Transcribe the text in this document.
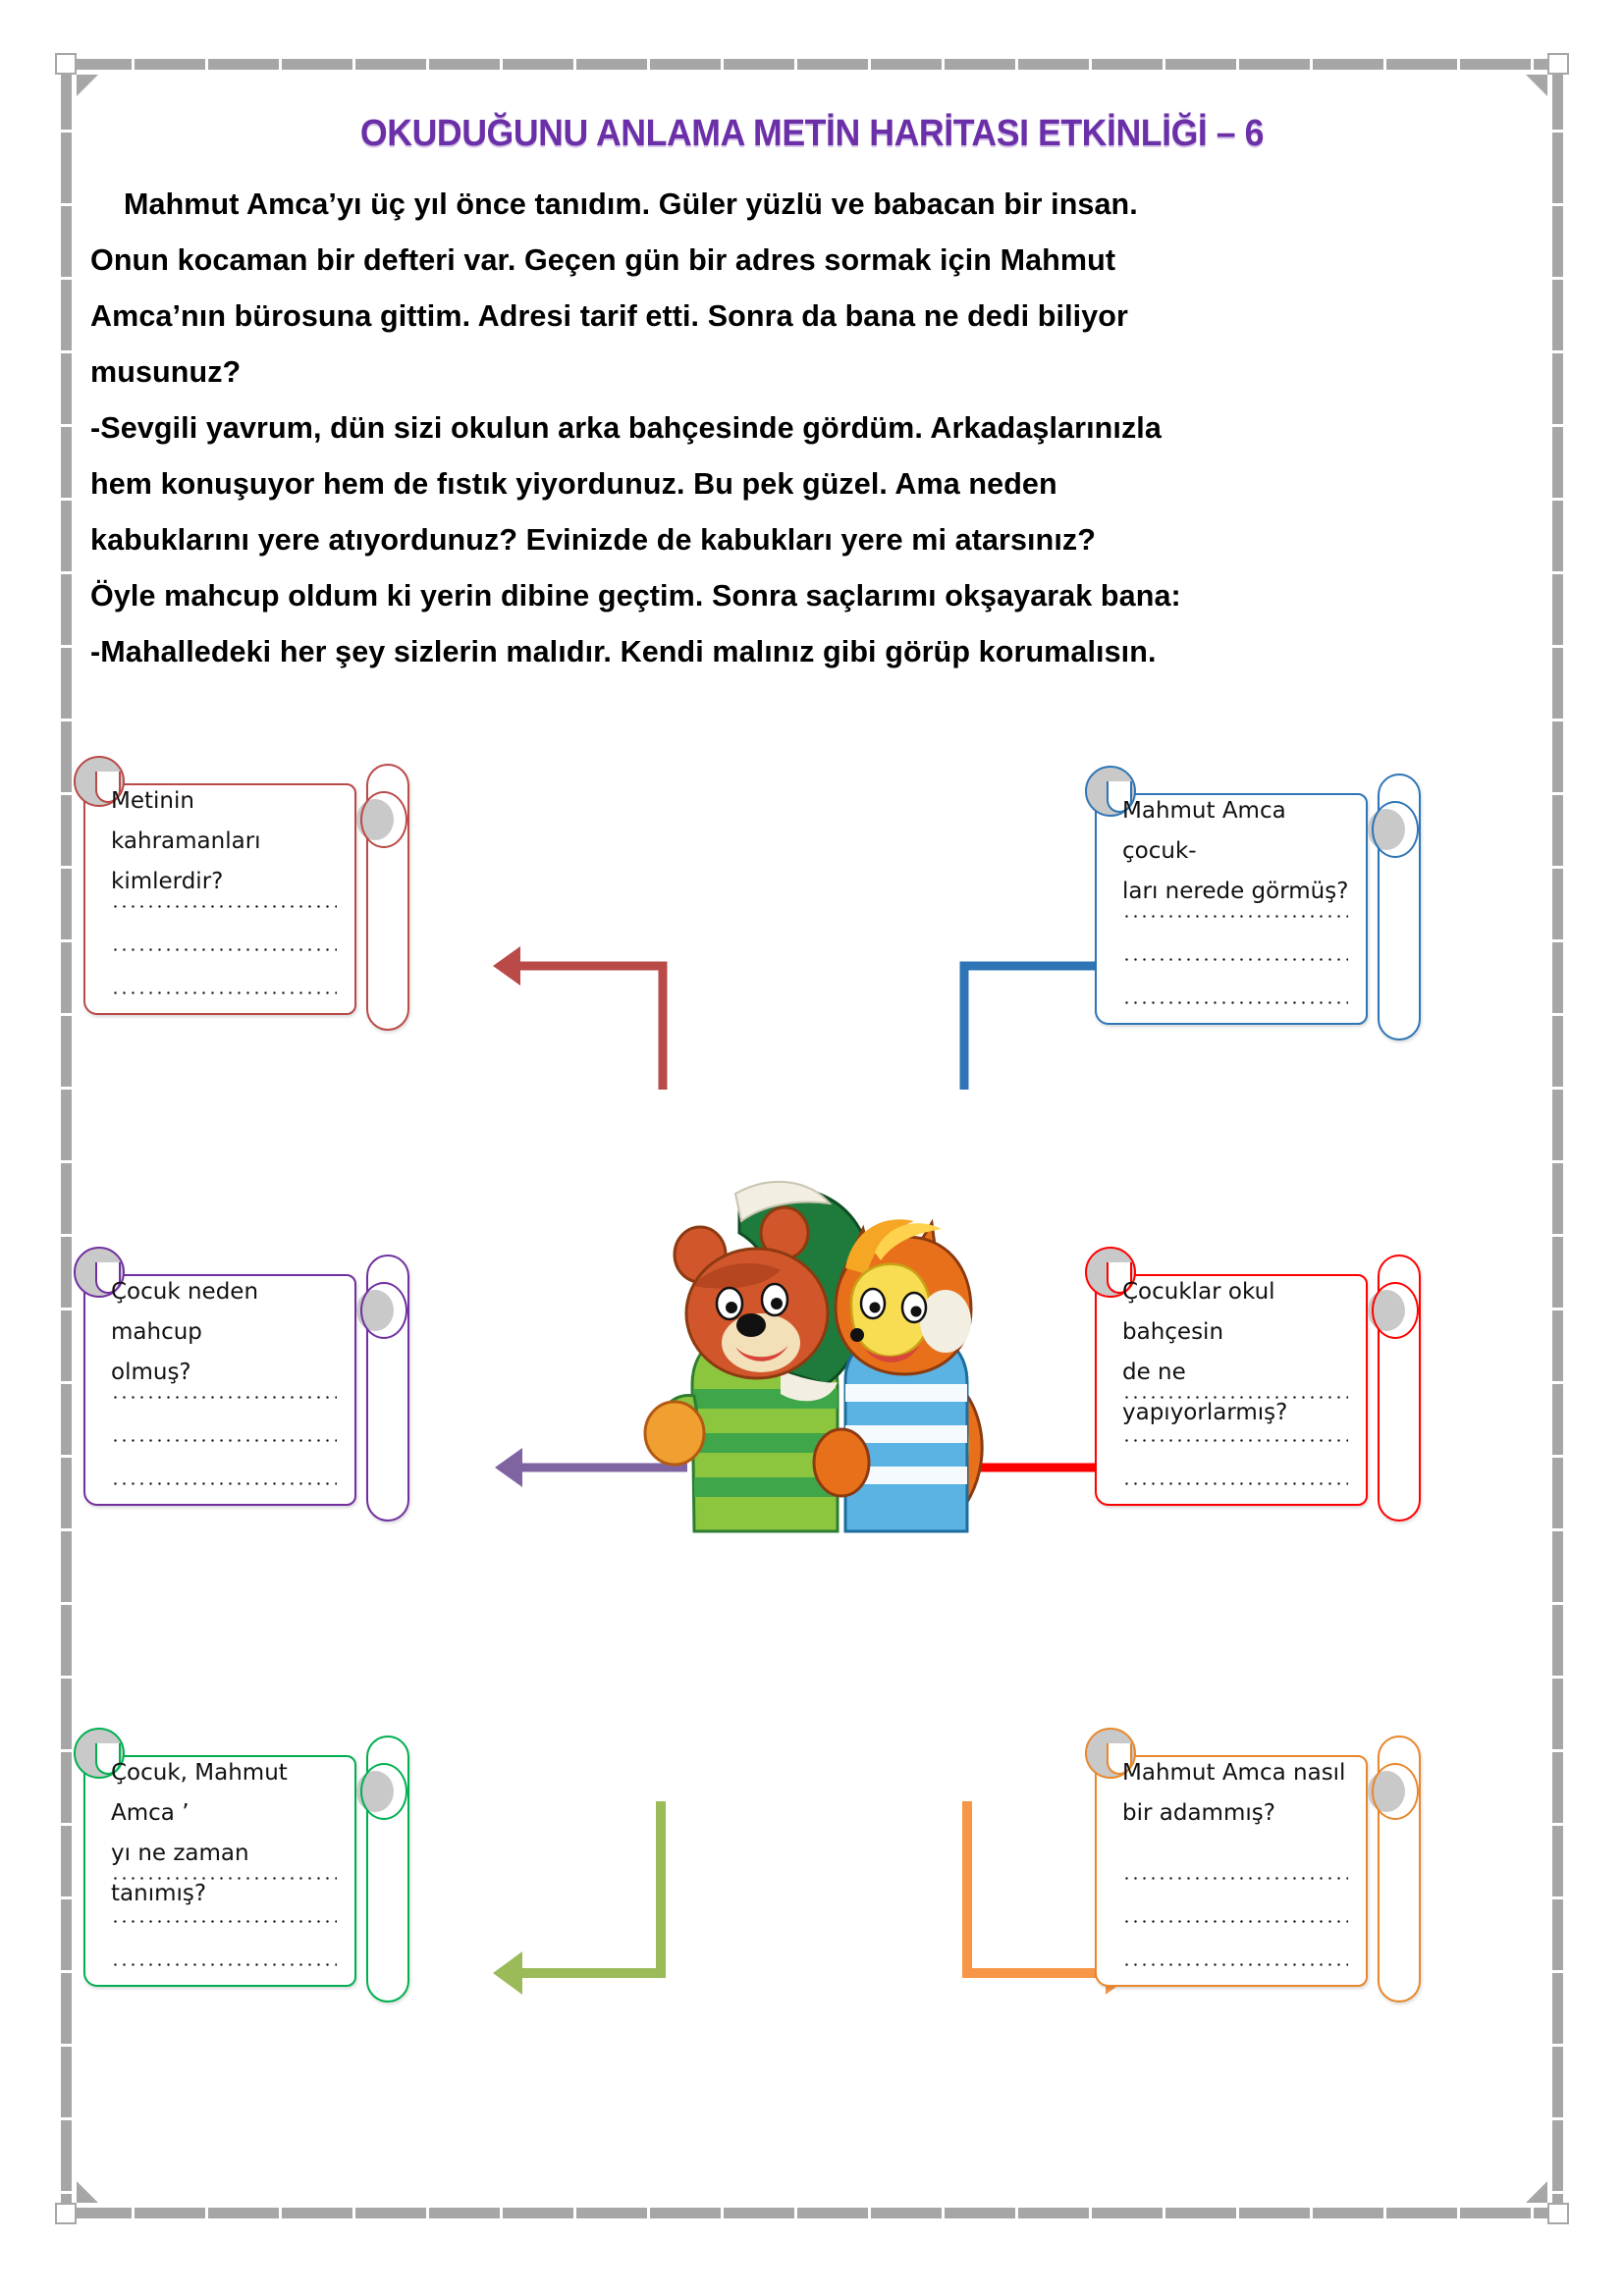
OKUDUĞUNU ANLAMA METİN HARİTASI ETKİNLİĞİ – 6

Mahmut Amca’yı üç yıl önce tanıdım. Güler yüzlü ve babacan bir insan.

Onun kocaman bir defteri var. Geçen gün bir adres sormak için Mahmut

Amca’nın bürosuna gittim. Adresi tarif etti. Sonra da bana ne dedi biliyor

musunuz?

-Sevgili yavrum, dün sizi okulun arka bahçesinde gördüm. Arkadaşlarınızla

hem konuşuyor hem de fıstık yiyordunuz. Bu pek güzel. Ama neden

kabuklarını yere atıyordunuz? Evinizde de kabukları yere mi atarsınız?

Öyle mahcup oldum ki yerin dibine geçtim. Sonra saçlarımı okşayarak bana:

-Mahalledeki her şey sizlerin malıdır. Kendi malınız gibi görüp korumalısın.

Metinin kahramanları
kimlerdir?
Mahmut Amca çocuk-
ları nerede görmüş?
Çocuk neden mahcup
olmuş?
Çocuklar okul bahçesin
de ne yapıyorlarmış?
Çocuk, Mahmut Amca ’
yı ne zaman tanımış?
Mahmut Amca nasıl
bir adammış?
